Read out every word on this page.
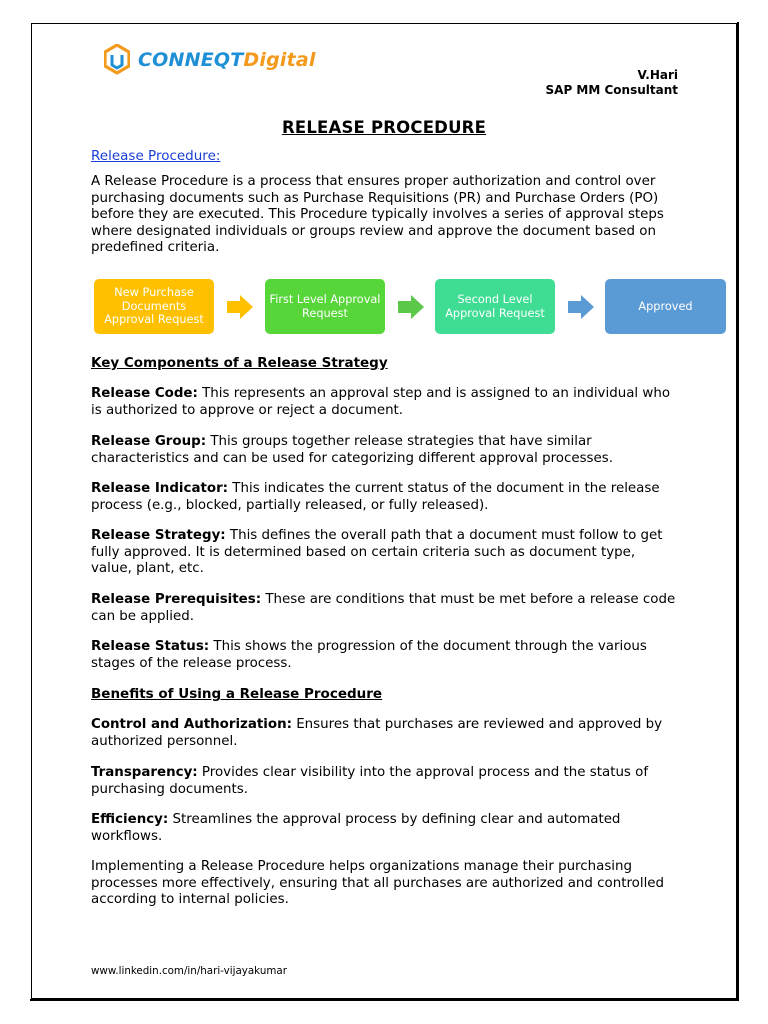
CONNEQTDigital
V.Hari
SAP MM Consultant
RELEASE PROCEDURE
Release Procedure:
A Release Procedure is a process that ensures proper authorization and control over purchasing documents such as Purchase Requisitions (PR) and Purchase Orders (PO) before they are executed. This Procedure typically involves a series of approval steps where designated individuals or groups review and approve the document based on predefined criteria.
New Purchase Documents Approval Request
First Level Approval Request
Second Level Approval Request
Approved
Key Components of a Release Strategy
Release Code: This represents an approval step and is assigned to an individual who is authorized to approve or reject a document.
Release Group: This groups together release strategies that have similar characteristics and can be used for categorizing different approval processes.
Release Indicator: This indicates the current status of the document in the release process (e.g., blocked, partially released, or fully released).
Release Strategy: This defines the overall path that a document must follow to get fully approved. It is determined based on certain criteria such as document type, value, plant, etc.
Release Prerequisites: These are conditions that must be met before a release code can be applied.
Release Status: This shows the progression of the document through the various stages of the release process.
Benefits of Using a Release Procedure
Control and Authorization: Ensures that purchases are reviewed and approved by authorized personnel.
Transparency: Provides clear visibility into the approval process and the status of purchasing documents.
Efficiency: Streamlines the approval process by defining clear and automated workflows.
Implementing a Release Procedure helps organizations manage their purchasing processes more effectively, ensuring that all purchases are authorized and controlled according to internal policies.
www.linkedin.com/in/hari-vijayakumar
